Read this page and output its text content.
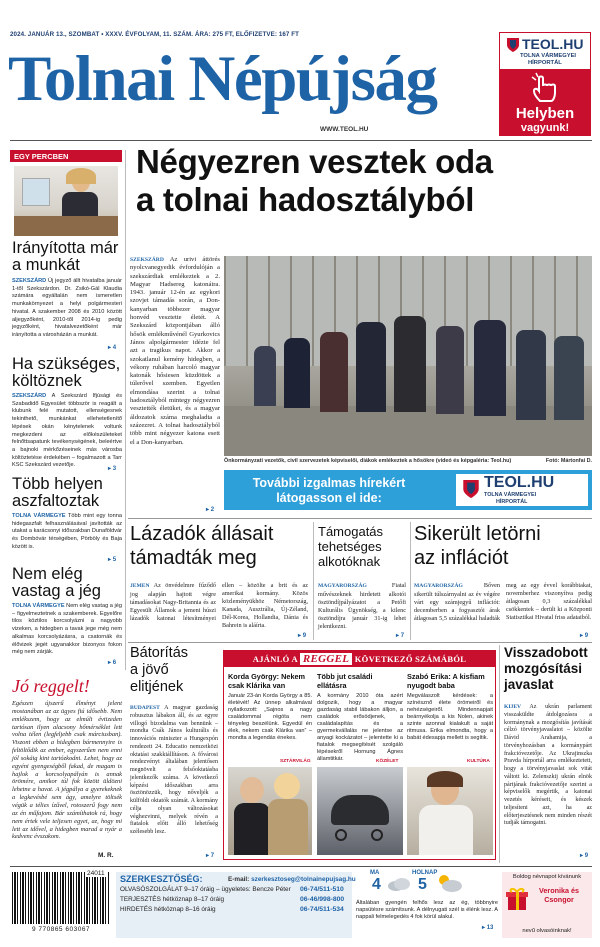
2024. JANUÁR 13., SZOMBAT • XXXV. ÉVFOLYAM, 11. SZÁM. ÁRA: 275 FT, ELŐFIZETVE: 167 FT
Tolnai Népújság
WWW.TEOL.HU
TEOL.HU
TOLNA VÁRMEGYEI
HÍRPORTÁL
Helyben
vagyunk!
EGY PERCBEN
Irányította már a munkát
SZEKSZÁRD Új jegyző állt hivatalba január 1-től Szekszárdon. Dr. Zsikó-Gál Klaudia számára egyáltalán nem ismeretlen munkakörnyezet a helyi polgármesteri hivatal. A szakember 2008 és 2010 között aljegyzőként, 2010-től 2014-ig pedig jegyzőként, hivatalvezetőként már irányította a városházán a munkát.
▸ 4
Ha szükséges, költöznek
SZEKSZÁRD A Szekszárd Ifjúsági és Szabadidő Egyesület többször is reagált a klubunk felé mutatott, ellenségesnek tekinthető, munkánkat ellehetetlenítő lépések okán kénytelenek voltunk megkezdeni az előkészületeket felnőttsapatunk tevékenységének, beleértve a bajnoki mérkőzéseinek más városba költöztetése érdekében – fogalmazott a Tarr KSC Szekszárd vezetője.
▸ 3
Több helyen aszfaltoztak
TOLNA VÁRMEGYE Több mint egy tonna hidegaszfalt felhasználásával javították az utakat a karácsonyi időszakban Dunaföldvár és Dombóvár térségében, Pörböly és Baja között is.
▸ 5
Nem elég vastag a jég
TOLNA VÁRMEGYE Nem elég vastag a jég – figyelmeztetnek a szakemberek. Egyelőre tilos köztilos korcsolyázni a nagyobb vizeken, a hidegben a tavak jege még nem alkalmas korcsolyázásra, a csatornák és élővizek jegét ugyanakkor bizonyos fokon még nem zárják.
▸ 6
Jó reggelt!
Egészen újszerű élményt jelent mostanában az az ügyes fiú idősebb. Nem emlékszem, hogy az elmúlt évtizeden tartósan ilyen alacsony hőmérséklet lett volna télen (legfeljebb csak márciusban). Viszont ebben a hidegben bármennyire is feltöltődik az ember, egyszerűen nem enni jól sokáig kint tartózkodni. Lehet, hogy az egyéni gyengeségből fakad, de magam is hajlok a korcsolyapályán is annak örömére, amikor túl fok között üldözni lehetne a havat. A jégpálya a gyerekeknek a legkevésbé sem ágy, amelyre töltsék végük a télies ízűvel, rotoszerű fogy nem az én műfajom. Bár számíthatok rá, hogy nem értek vele teljesen egyet, az, hogy mi lett az idővel, a hidegben marad a nyár a kedvenc évszakom.
M. R.
Négyezren vesztek oda
a tolnai hadosztályból
SZEKSZÁRD Az urivi áttörés nyolcvanegyedik évfordulóján a szekszárdiak emlékeztek a 2. Magyar Hadsereg katonáira. 1943. január 12-én az egykori szovjet támadás során, a Don-kanyarban többezer magyar honvéd vesztette életét. A Szekszárd központjában álló hősök emlékművénél Gyurkovics János alpolgármester idézte fel azt a tragikus napot. Akkor a szokatlanul kemény hidegben, a vékony ruhában harcoló magyar katonák hősiesen küzdöttek a túlerővel szemben. Egyetlen elmondása szerint a tolnai hadosztályból mintegy négyezren vesztették életüket, és a magyar áldozatok száma meghaladta a százezret. A tolnai hadosztályból több mint négyezer katona esett el a Don-kanyarban.
▸ 2
Önkormányzati vezetők, civil szervezetek képviselői, diákok emlékeztek a hősökre (videó és képgaléria: Teol.hu)	Fotó: Mártonfai D.
További izgalmas hírekért
látogasson el ide:
TEOL.HU
TOLNA VÁRMEGYEI
HÍRPORTÁL
Lázadók állásait
támadták meg
JEMEN Az önvédelmre fűződő jog alapján hajtott végre támadásokat Nagy-Britannia és az Egyesült Államok a jemeni húszi lázadók katonai létesítményei ellen – közölte a brit és az amerikai kormány. Közös közleményükhöz Németország, Kanada, Ausztrália, Új-Zéland, Dél-Korea, Hollandia, Dánia és Bahrein is aláírta.
▸ 9
Támogatás
tehetséges
alkotóknak
MAGYARORSZÁG	Fiatal művészeknek hirdetett alkotói ösztöndíjpályázatot a Petőfi Kulturális Ügynökség, a kilenc ösztöndíjra január 31-ig lehet jelentkezni.
▸ 7
Sikerült letörni
az inflációt
MAGYARORSZÁG	Bőven sikerült túlszárnyalni az év végére várt egy számjegyű inflációt: decemberben a fogyasztói árak átlagosan 5,5 százalékkal haladták meg az egy évvel korábbiakat, novemberhez viszonyítva pedig átlagosan 0,3 százalékkal csökkentek – derült ki a Központi Statisztikai Hivatal friss adataiból.
▸ 9
Bátorítás
a jövő
elitjének
BUDAPEST A magyar gazdaság robusztus lábakon áll, és az egyre villogó bizodalma van bennünk – mondta Csák János kulturális és innovációs miniszter a Hungexpón rendezett 24. Educatio nemzetközi oktatási szakkiállításon. A fővárosi rendezvényt általában jelentősen megnövelt a felsőoktatásba jelentkezők száma. A következő képzési időszakban arra ösztönözzük, hogy nőveljék a külföldi oktatók számát. A kormány célja olyan változásokat véghezvinni, melyek révén a fiatalok előtt álló lehetőség szélesebb lesz.
▸ 7
AJÁNLÓ A REGGEL KÖVETKEZŐ SZÁMÁBÓL
Korda György: Nekem csak Klárika van
Január 23-án Korda György a 85. életévét! Az ünnep alkalmával nyilatkozott: „Sajnos a nagy családommal régóta nem tényeleg beszélünk. Egyedül én élek, nekem csak Klárika van” – mondta a legendás énekes.
SZTÁRVILÁG
Több jut családi ellátásra
A kormány 2010 óta azért dolgozik, hogy a magyar gazdaság stabil lábakon álljon, a családok erősödjenek, a családalapítás és a gyermekvállalás ne jelentse az anyagi kockázatot – jelentette ki a fiatalok megsegítését szolgáló lépésekről Hornung Ágnes államtitkár.	KÖZÉLET
Szabó Erika: A kisfiam nyugodt baba
Megválaszolt kérdések: a színésznő élete örömeiről és nehézségeiről. Mindennapjait beárnyékolja a kis Nolen, akinek szinte azonnal kialakult a saját ritmusa. Erika elmondta, hogy a babát édesapja mellett is segítik.
KULTÚRA
Visszadobott
mozgósítási
javaslat
KIJEV Az ukrán parlament visszaküldte átdolgozásra a kormánynak a mozgósítás javítását célzó törvényjavaslatot – közölte Dávid Arahamija, a törvényhozásban a kormánypárt frakcióvezetője. Az Ukrajinszka Pravda hírportál arra emlékeztetett, hogy a törvényjavaslat sok vitát váltott ki. Zelenszkij ukrán elnök pártjának frakcióvezetője szerint a képviselők megértik, a katonai vezetés kéréseit, és készek teljesíteni azt, ha az előterjesztésnek nem minden részét tudják támogatni.
▸ 9
9 770865 603067
24011
SZERKESZTŐSÉG:	E-mail: szerkesztoseg@tolnainepujsag.hu
OLVASÓSZOLGÁLAT 9–17 óráig – ügyeletes: Bencze Péter 06-74/511-510
TERJESZTÉS hétköznap 8–17 óráig	06-46/998-800
HIRDETÉS hétköznap 8–16 óráig	06-74/511-534
MA
4
HOLNAP
5
Általában gyengén felhős lesz az ég, többnyire napsütésre számítsunk. A délnyugati szél is élénk lesz. A nappali felmelegedés 4 fok körül alakul.
▸ 13
Boldog névnapot kívánunk
Veronika és Csongor
nevű olvasóinknak!
